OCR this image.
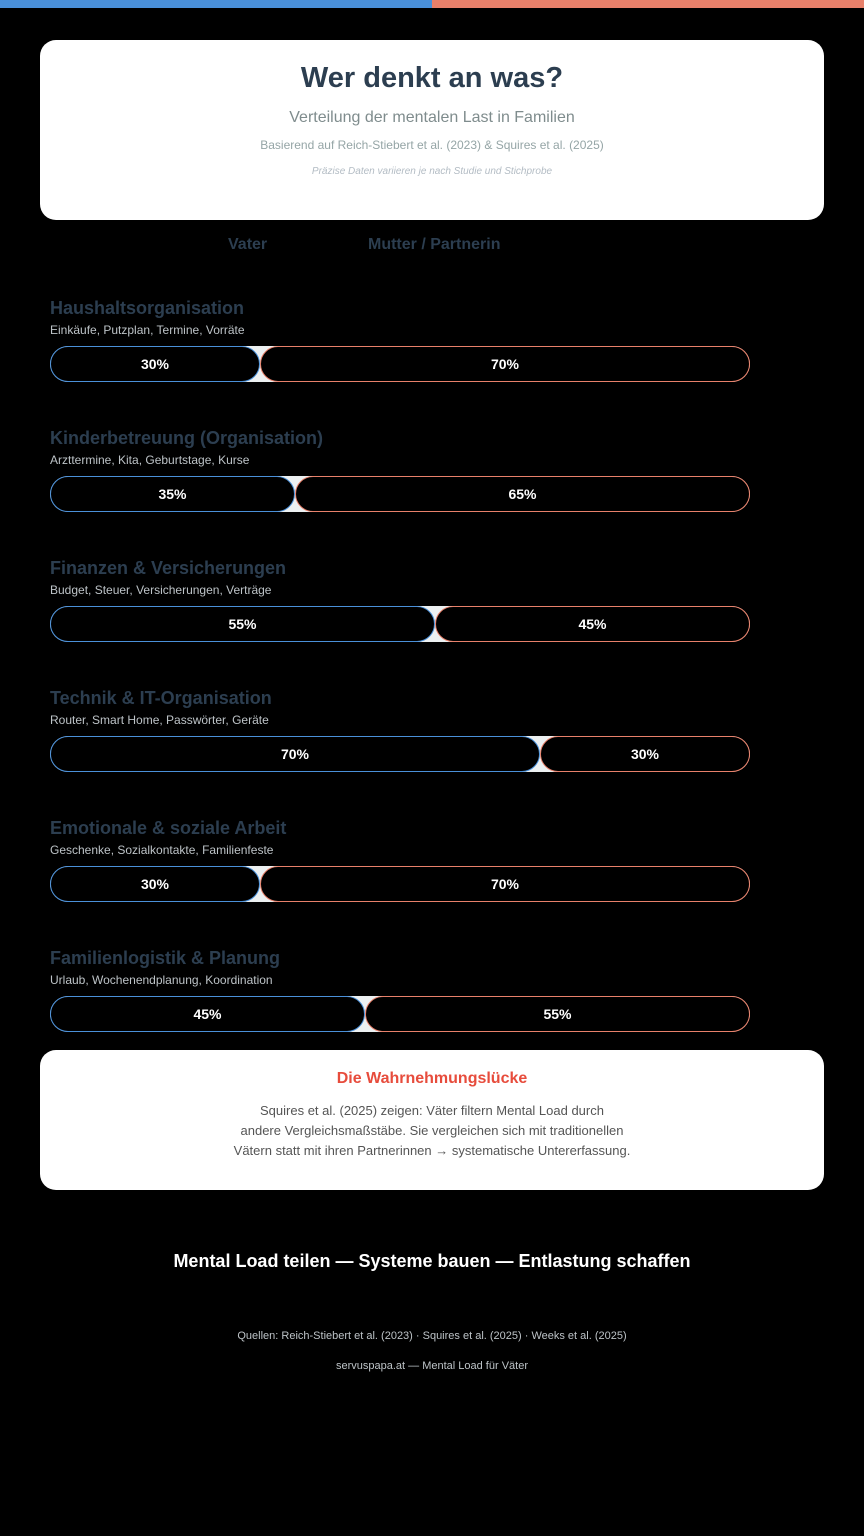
Wer denkt an was?
Verteilung der mentalen Last in Familien
Basierend auf Reich-Stiebert et al. (2023) & Squires et al. (2025)
Präzise Daten variieren je nach Studie und Stichprobe
Vater	Mutter / Partnerin
Haushaltsorganisation
Einkäufe, Putzplan, Termine, Vorräte
30%	70%
Kinderbetreuung (Organisation)
Arzttermine, Kita, Geburtstage, Kurse
35%	65%
Finanzen & Versicherungen
Budget, Steuer, Versicherungen, Verträge
55%	45%
Technik & IT-Organisation
Router, Smart Home, Passwörter, Geräte
70%	30%
Emotionale & soziale Arbeit
Geschenke, Sozialkontakte, Familienfeste
30%	70%
Familienlogistik & Planung
Urlaub, Wochenendplanung, Koordination
45%	55%
Die Wahrnehmungslücke
Squires et al. (2025) zeigen: Väter filtern Mental Load durch
andere Vergleichsmaßstäbe. Sie vergleichen sich mit traditionellen
Vätern statt mit ihren Partnerinnen → systematische Untererfassung.
Mental Load teilen — Systeme bauen — Entlastung schaffen
Quellen: Reich-Stiebert et al. (2023) · Squires et al. (2025) · Weeks et al. (2025)
servuspapa.at — Mental Load für Väter
